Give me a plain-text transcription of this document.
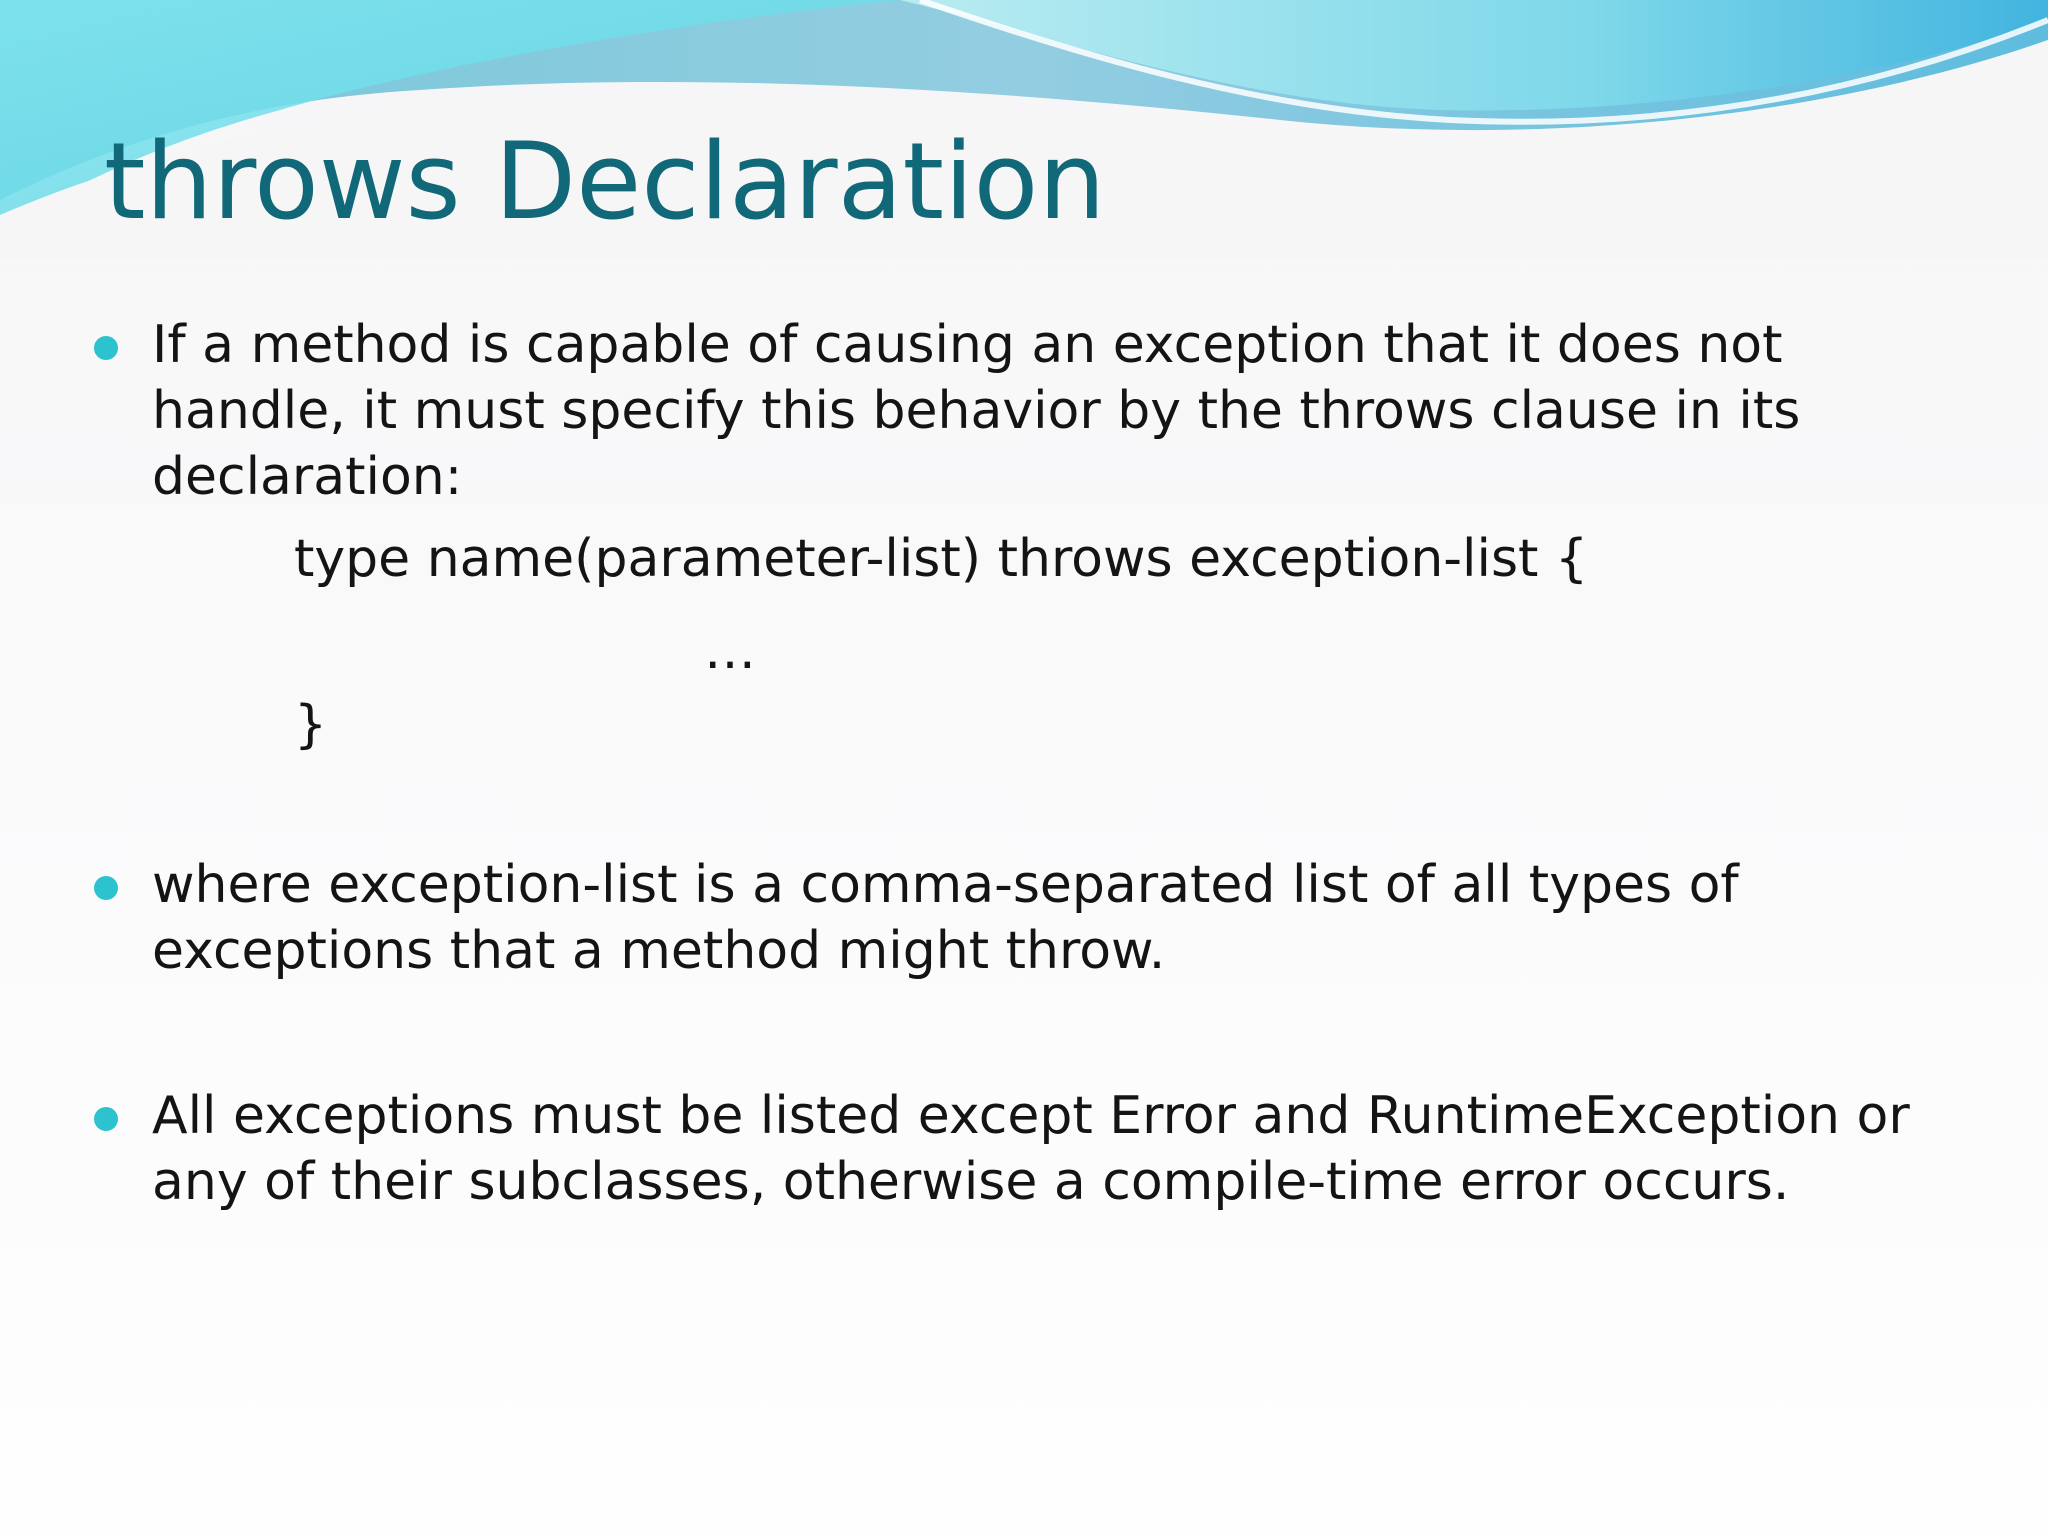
throws Declaration

If a method is capable of causing an exception that it does not handle, it must specify this behavior by the throws clause in its declaration:

type name(parameter-list) throws exception-list {
…
}

where exception-list is a comma-separated list of all types of exceptions that a method might throw.

All exceptions must be listed except Error and RuntimeException or any of their subclasses, otherwise a compile-time error occurs.
